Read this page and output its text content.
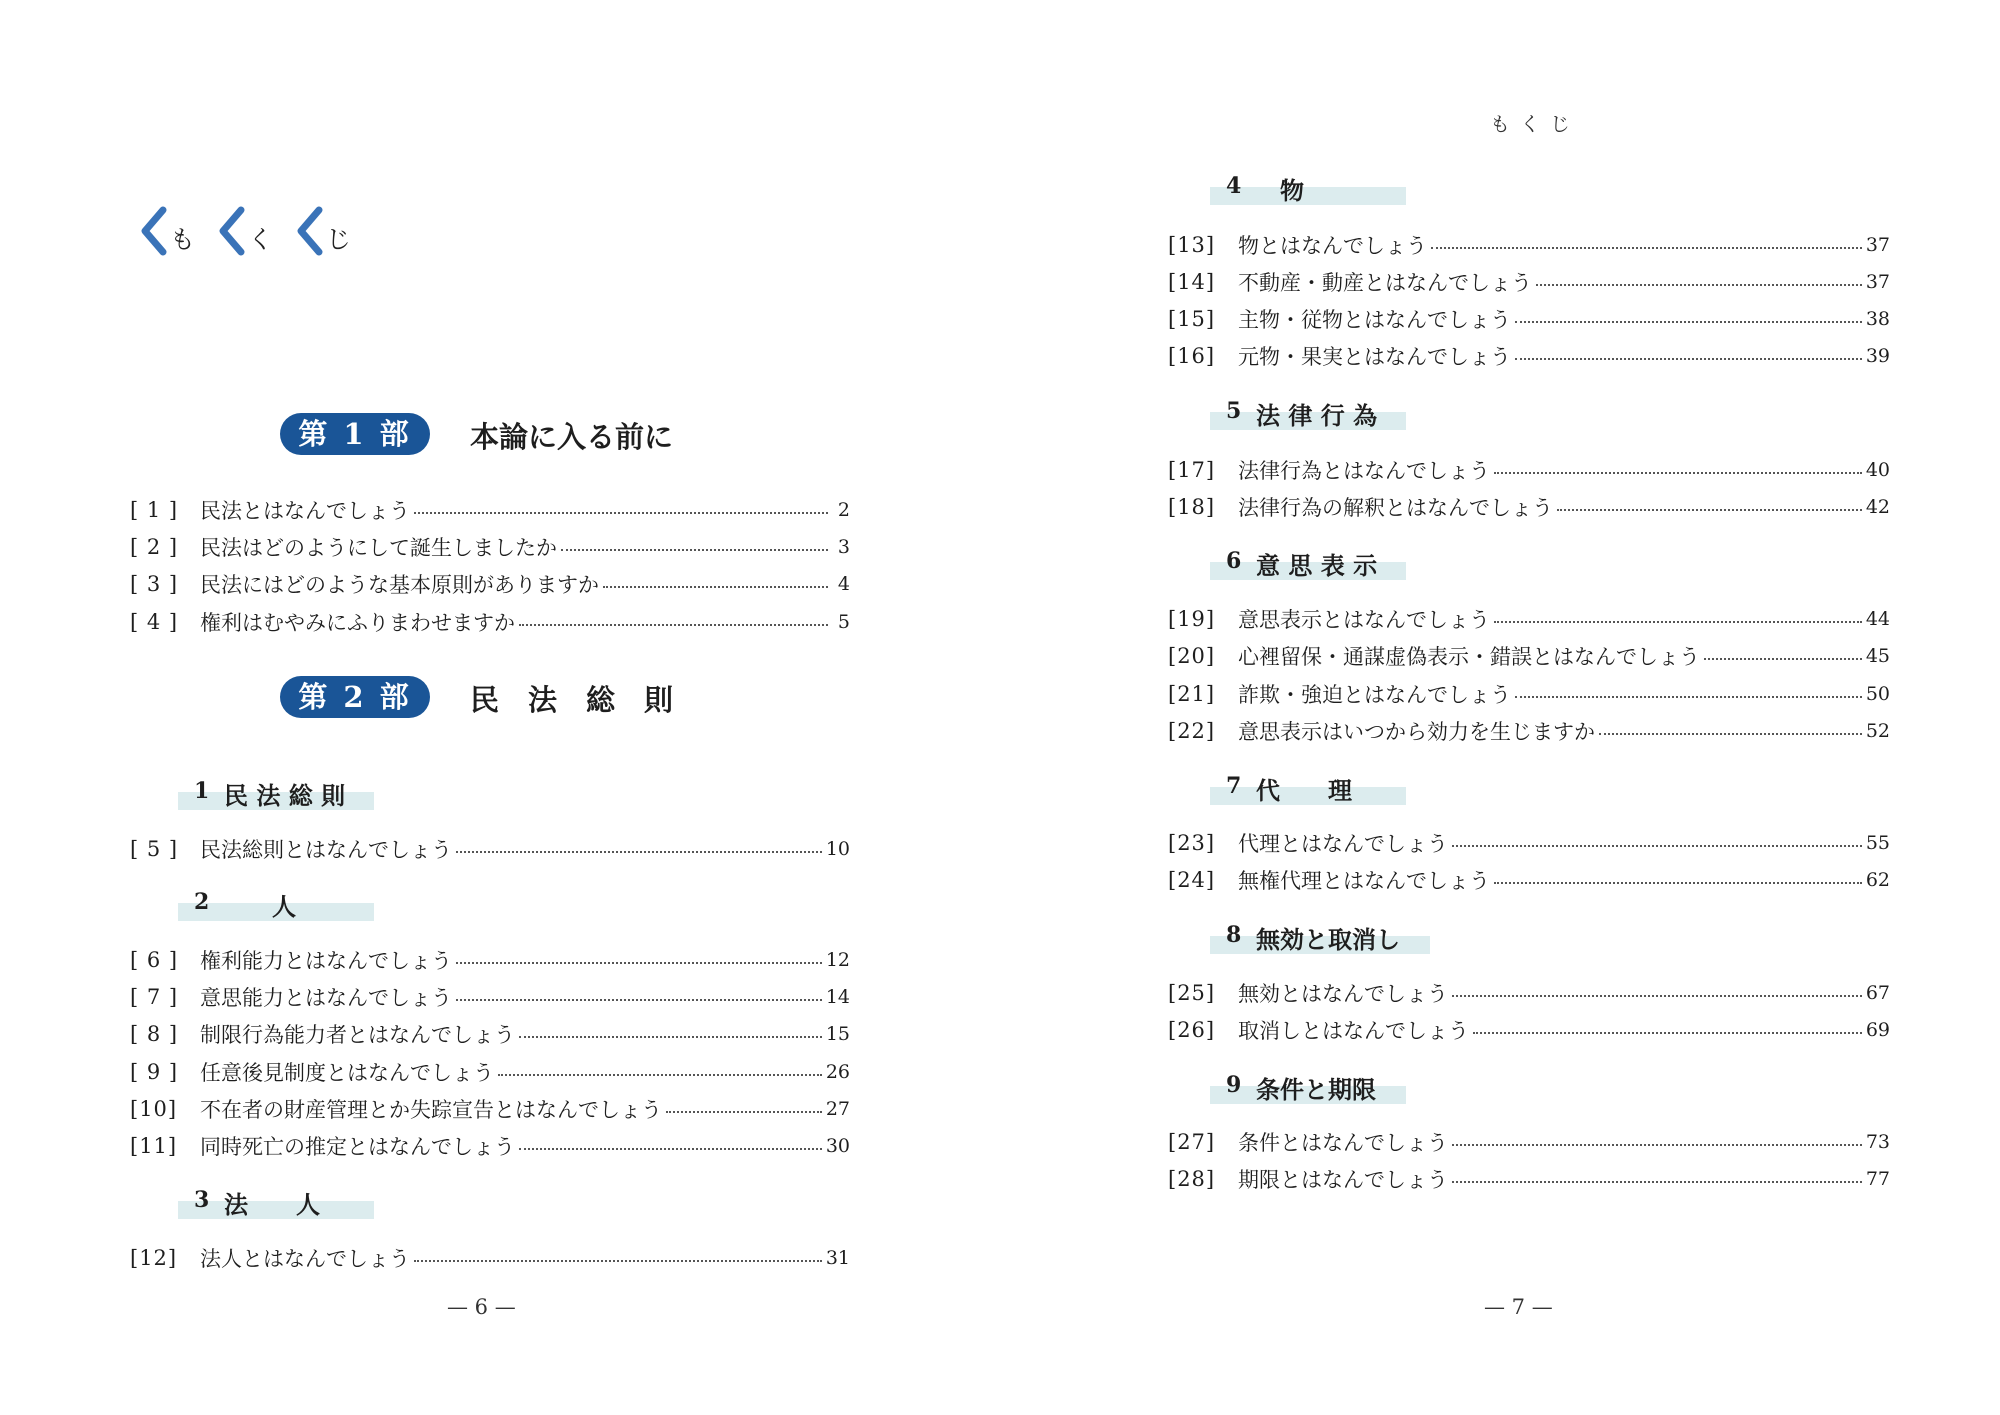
も く じ
第 1 部	本論に入る前に
[ 1 ]	民法とはなんでしょう	2
[ 2 ]	民法はどのようにして誕生しましたか	3
[ 3 ]	民法にはどのような基本原則がありますか	4
[ 4 ]	権利はむやみにふりまわせますか	5
第 2 部	民　法　総　則
1 民 法 総 則
[ 5 ]	民法総則とはなんでしょう	10
2 　　人
[ 6 ]	権利能力とはなんでしょう	12
[ 7 ]	意思能力とはなんでしょう	14
[ 8 ]	制限行為能力者とはなんでしょう	15
[ 9 ]	任意後見制度とはなんでしょう	26
[10]	不在者の財産管理とか失踪宣告とはなんでしょう	27
[11]	同時死亡の推定とはなんでしょう	30
3 法　　人
[12]	法人とはなんでしょう	31
— 6 —
もくじ
4 　物
[13]	物とはなんでしょう	37
[14]	不動産・動産とはなんでしょう	37
[15]	主物・従物とはなんでしょう	38
[16]	元物・果実とはなんでしょう	39
5 法 律 行 為
[17]	法律行為とはなんでしょう	40
[18]	法律行為の解釈とはなんでしょう	42
6 意 思 表 示
[19]	意思表示とはなんでしょう	44
[20]	心裡留保・通謀虚偽表示・錯誤とはなんでしょう	45
[21]	詐欺・強迫とはなんでしょう	50
[22]	意思表示はいつから効力を生じますか	52
7 代　　理
[23]	代理とはなんでしょう	55
[24]	無権代理とはなんでしょう	62
8 無効と取消し
[25]	無効とはなんでしょう	67
[26]	取消しとはなんでしょう	69
9 条件と期限
[27]	条件とはなんでしょう	73
[28]	期限とはなんでしょう	77
— 7 —
